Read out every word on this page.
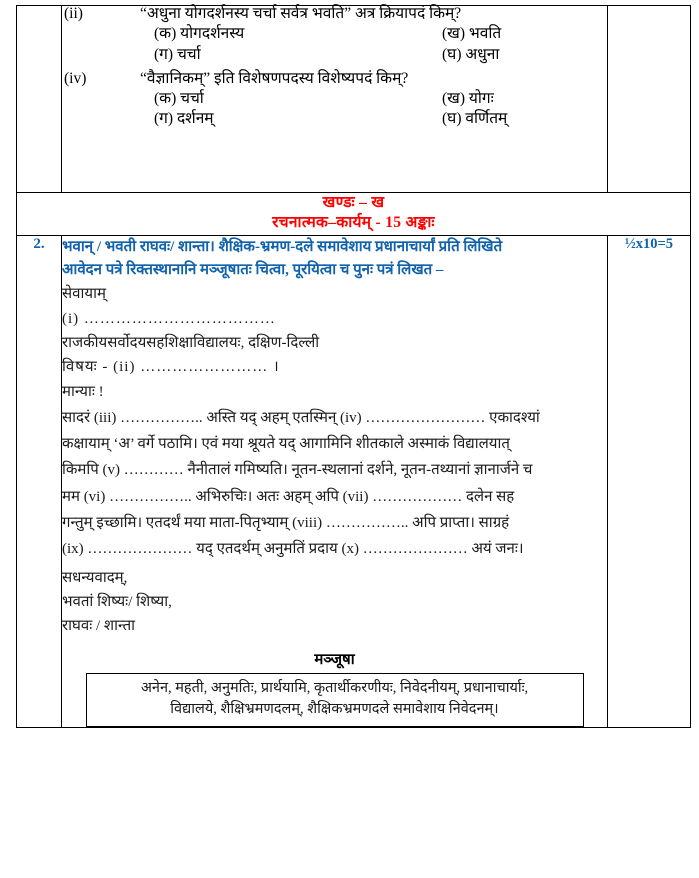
(ii)	“अधुना योगदर्शनस्य चर्चा सर्वत्र भवति” अत्र क्रियापदं किम्?
(क) योगदर्शनस्य	(ख) भवति
(ग) चर्चा	(घ) अधुना
(iv)	“वैज्ञानिकम्” इति विशेषणपदस्य विशेष्यपदं किम्?
(क) चर्चा	(ख) योगः
(ग) दर्शनम्	(घ) वर्णितम्

खण्डः – ख
रचनात्मक–कार्यम् - 15 अङ्काः		

2.	भवान् / भवती राघवः/ शान्ता। शैक्षिक-भ्रमण-दले समावेशाय प्रधानाचार्यां प्रति लिखिते
आवेदन पत्रे रिक्तस्थानानि मञ्जूषातः चित्वा, पूरयित्वा च पुनः पत्रं लिखत –
सेवायाम्
(i) ………………………………
राजकीयसर्वोदयसहशिक्षाविद्यालयः, दक्षिण-दिल्ली
विषयः - (ii) …………………… ।
मान्याः !
सादरं (iii) …………….. अस्ति यद् अहम् एतस्मिन् (iv) …………………… एकादश्यां
कक्षायाम् ‘अ’ वर्गे पठामि। एवं मया श्रूयते यद् आगामिनि शीतकाले अस्माकं विद्यालयात्
किमपि (v) ………… नैनीतालं गमिष्यति। नूतन-स्थलानां दर्शने, नूतन-तथ्यानां ज्ञानार्जने च
मम (vi) …………….. अभिरुचिः। अतः अहम् अपि (vii) ……………… दलेन सह
गन्तुम् इच्छामि। एतदर्थं मया माता-पितृभ्याम् (viii) …………….. अपि प्राप्ता। साग्रहं
(ix) ………………… यद् एतदर्थम् अनुमतिं प्रदाय (x) ………………… अयं जनः।
सधन्यवादम्,
भवतां शिष्यः/ शिष्या,
राघवः / शान्ता
मञ्जूषा
अनेन, महती, अनुमतिः, प्रार्थयामि, कृतार्थीकरणीयः, निवेदनीयम्, प्रधानाचार्याः,
विद्यालये, शैक्षिभ्रमणदलम्, शैक्षिकभ्रमणदले समावेशाय निवेदनम्।
	½x10=5
